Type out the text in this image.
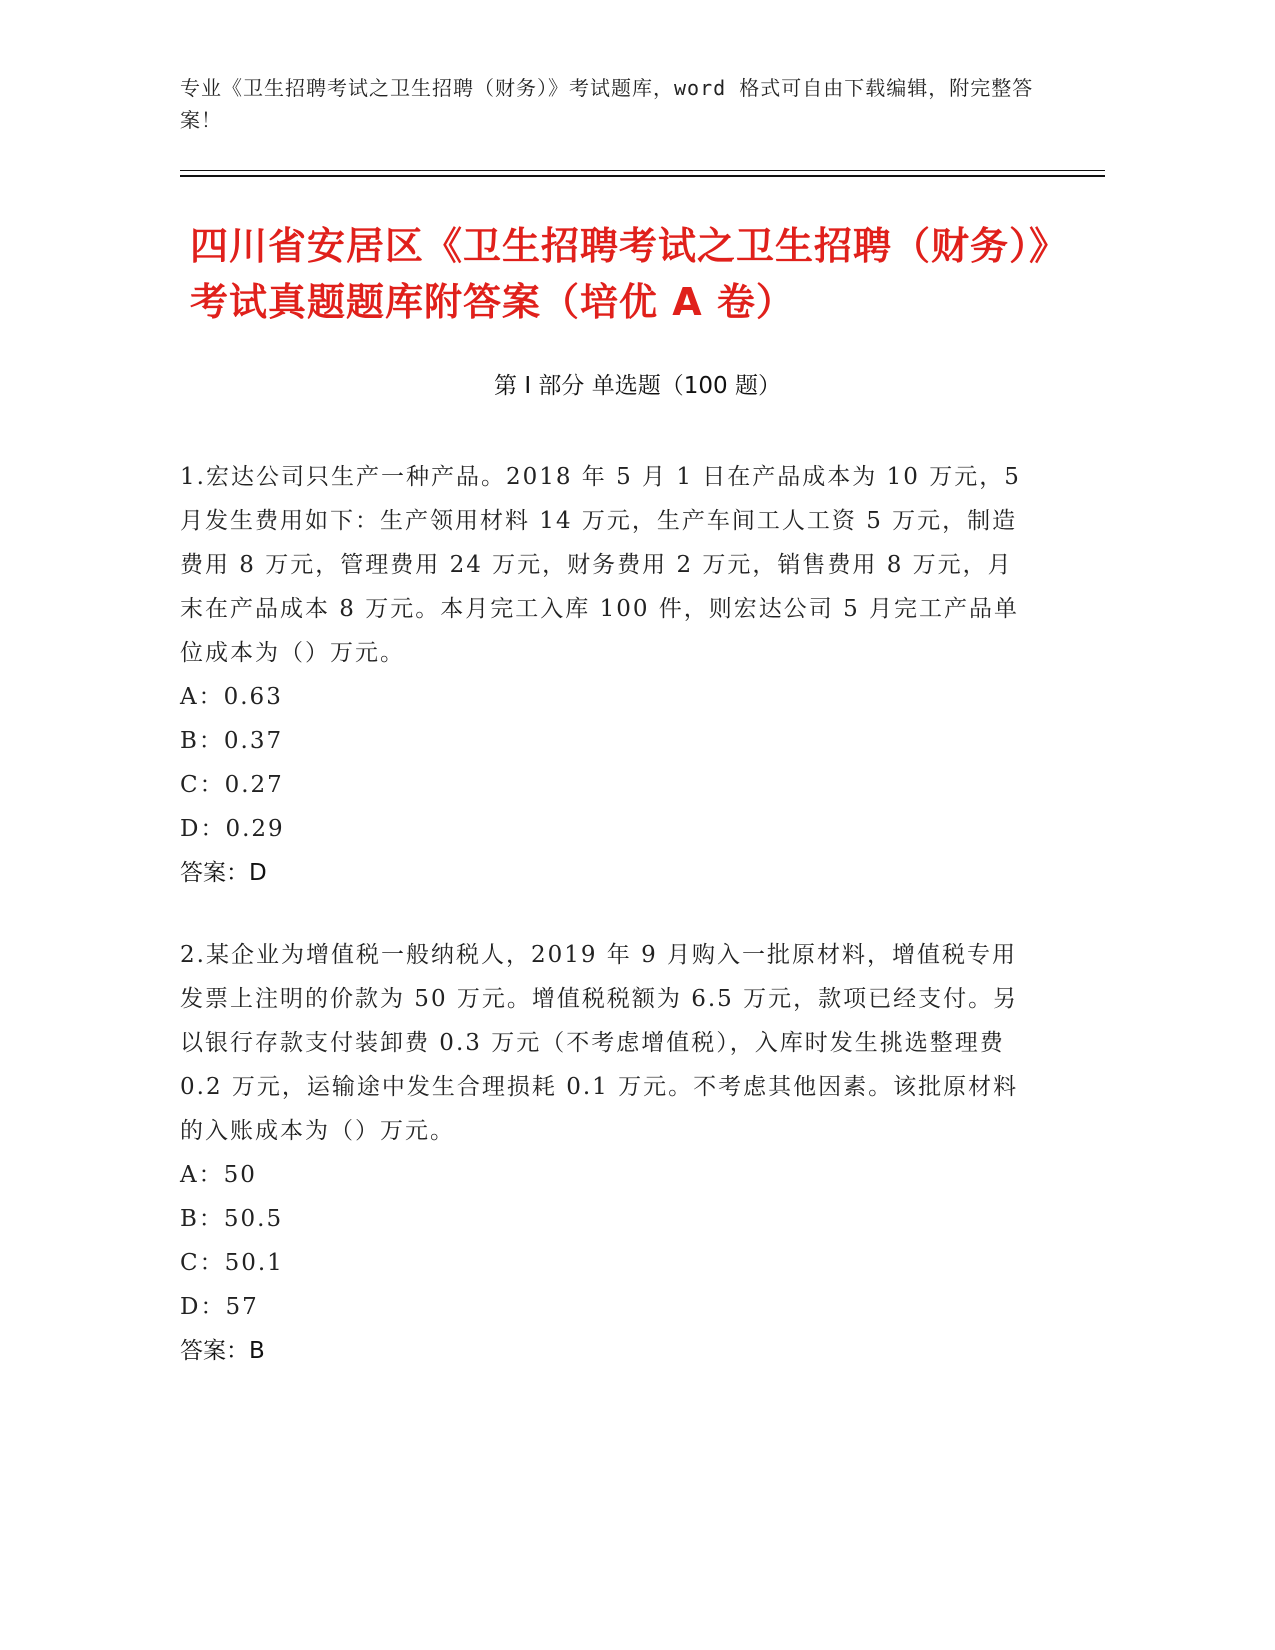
专业《卫生招聘考试之卫生招聘（财务）》考试题库，word 格式可自由下载编辑，附完整答案！
四川省安居区《卫生招聘考试之卫生招聘（财务）》考试真题题库附答案（培优 A 卷）
第 I 部分 单选题（100 题）
1.宏达公司只生产一种产品。2018 年 5 月 1 日在产品成本为 10 万元，5 月发生费用如下：生产领用材料 14 万元，生产车间工人工资 5 万元，制造费用 8 万元，管理费用 24 万元，财务费用 2 万元，销售费用 8 万元，月末在产品成本 8 万元。本月完工入库 100 件，则宏达公司 5 月完工产品单位成本为（）万元。
A：0.63
B：0.37
C：0.27
D：0.29
答案：D
2.某企业为增值税一般纳税人，2019 年 9 月购入一批原材料，增值税专用发票上注明的价款为 50 万元。增值税税额为 6.5 万元，款项已经支付。另以银行存款支付装卸费 0.3 万元（不考虑增值税），入库时发生挑选整理费 0.2 万元，运输途中发生合理损耗 0.1 万元。不考虑其他因素。该批原材料的入账成本为（）万元。
A：50
B：50.5
C：50.1
D：57
答案：B
